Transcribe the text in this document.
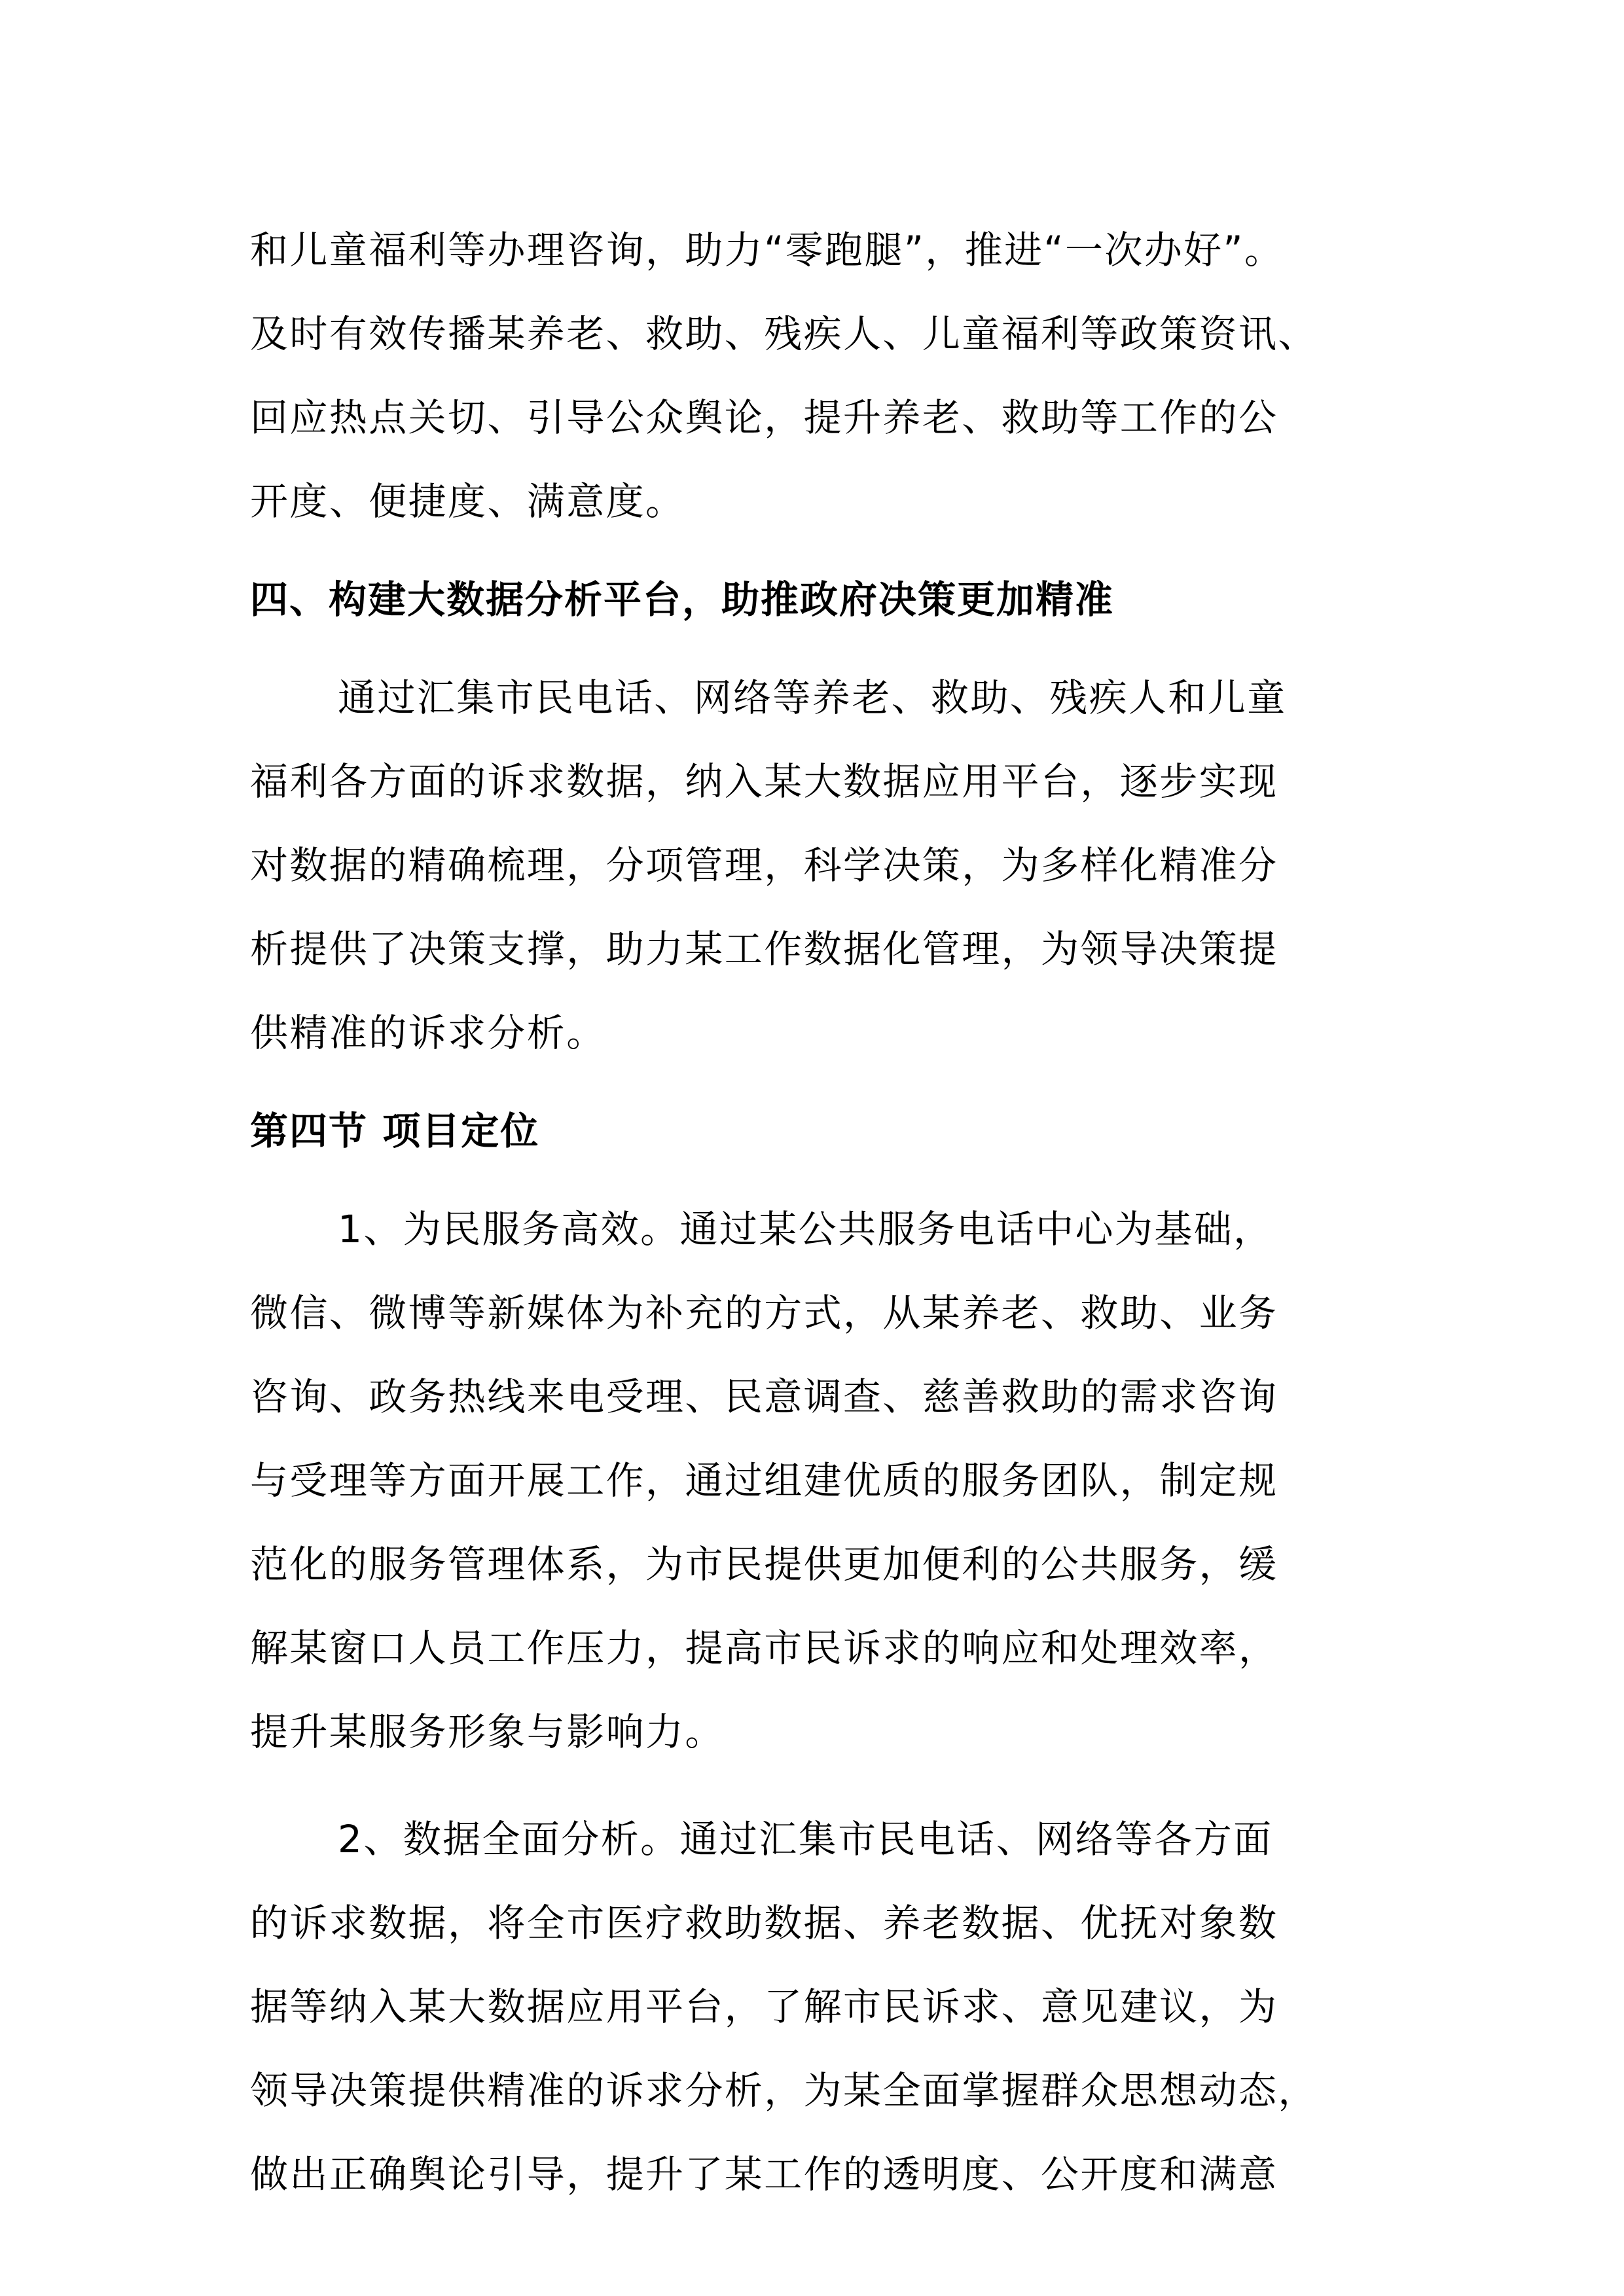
和儿童福利等办理咨询，助力“零跑腿”，推进“一次办好”。
及时有效传播某养老、救助、残疾人、儿童福利等政策资讯、
回应热点关切、引导公众舆论，提升养老、救助等工作的公
开度、便捷度、满意度。
四、构建大数据分析平台，助推政府决策更加精准
通过汇集市民电话、网络等养老、救助、残疾人和儿童
福利各方面的诉求数据，纳入某大数据应用平台，逐步实现
对数据的精确梳理，分项管理，科学决策，为多样化精准分
析提供了决策支撑，助力某工作数据化管理，为领导决策提
供精准的诉求分析。
第四节 项目定位
1、为民服务高效。通过某公共服务电话中心为基础，
微信、微博等新媒体为补充的方式，从某养老、救助、业务
咨询、政务热线来电受理、民意调查、慈善救助的需求咨询
与受理等方面开展工作，通过组建优质的服务团队，制定规
范化的服务管理体系，为市民提供更加便利的公共服务，缓
解某窗口人员工作压力，提高市民诉求的响应和处理效率，
提升某服务形象与影响力。
2、数据全面分析。通过汇集市民电话、网络等各方面
的诉求数据，将全市医疗救助数据、养老数据、优抚对象数
据等纳入某大数据应用平台，了解市民诉求、意见建议，为
领导决策提供精准的诉求分析，为某全面掌握群众思想动态，
做出正确舆论引导，提升了某工作的透明度、公开度和满意
